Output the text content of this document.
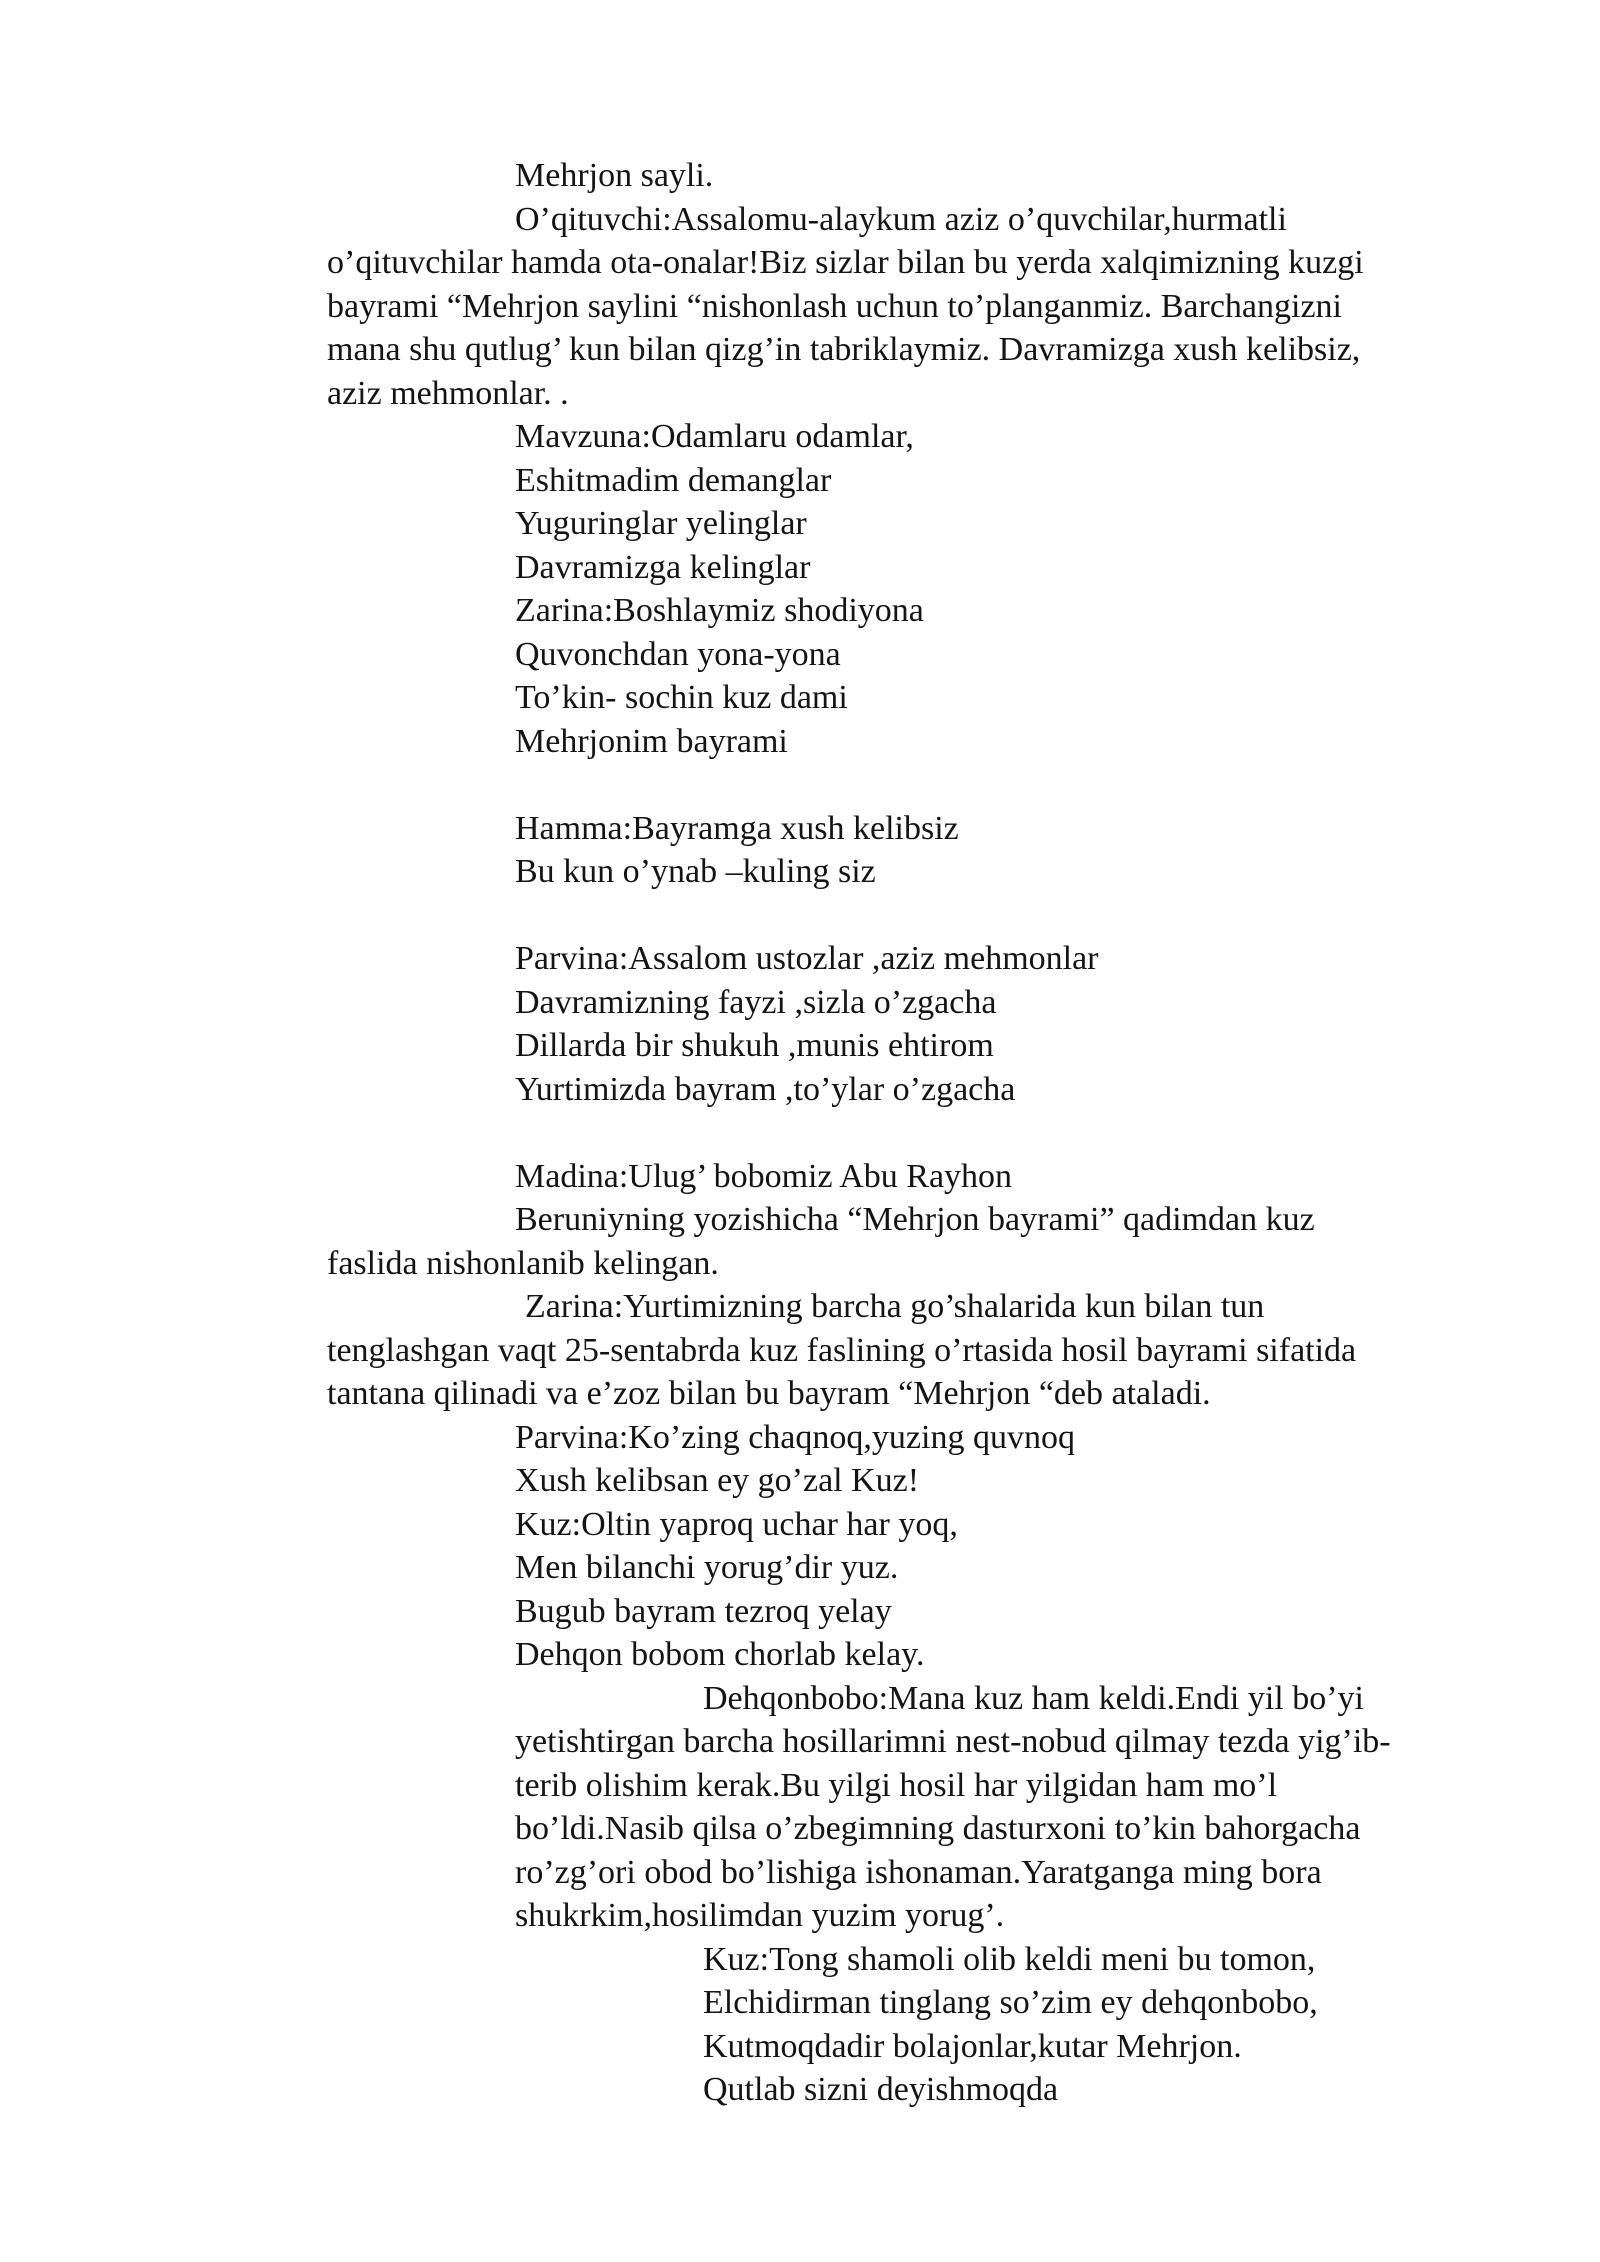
Mehrjon sayli.
O’qituvchi:Assalomu-alaykum aziz o’quvchilar,hurmatli
o’qituvchilar hamda ota-onalar!Biz sizlar bilan bu yerda xalqimizning kuzgi
bayrami “Mehrjon saylini “nishonlash uchun to’planganmiz. Barchangizni
mana shu qutlug’ kun bilan qizg’in tabriklaymiz. Davramizga xush kelibsiz,
aziz mehmonlar. .
Mavzuna:Odamlaru odamlar,
Eshitmadim demanglar
Yuguringlar yelinglar
Davramizga kelinglar
Zarina:Boshlaymiz shodiyona
Quvonchdan yona-yona
To’kin- sochin kuz dami
Mehrjonim bayrami
Hamma:Bayramga xush kelibsiz
Bu kun o’ynab –kuling siz
Parvina:Assalom ustozlar ,aziz mehmonlar
Davramizning fayzi ,sizla o’zgacha
Dillarda bir shukuh ,munis ehtirom
Yurtimizda bayram ,to’ylar o’zgacha
Madina:Ulug’ bobomiz Abu Rayhon
Beruniyning yozishicha “Mehrjon bayrami” qadimdan kuz
faslida nishonlanib kelingan.
Zarina:Yurtimizning barcha go’shalarida kun bilan tun
tenglashgan vaqt 25-sentabrda kuz faslining o’rtasida hosil bayrami sifatida
tantana qilinadi va e’zoz bilan bu bayram “Mehrjon “deb ataladi.
Parvina:Ko’zing chaqnoq,yuzing quvnoq
Xush kelibsan ey go’zal Kuz!
Kuz:Oltin yaproq uchar har yoq,
Men bilanchi yorug’dir yuz.
Bugub bayram tezroq yelay
Dehqon bobom chorlab kelay.
Dehqonbobo:Mana kuz ham keldi.Endi yil bo’yi
yetishtirgan barcha hosillarimni nest-nobud qilmay tezda yig’ib-
terib olishim kerak.Bu yilgi hosil har yilgidan ham mo’l
bo’ldi.Nasib qilsa o’zbegimning dasturxoni to’kin bahorgacha
ro’zg’ori obod bo’lishiga ishonaman.Yaratganga ming bora
shukrkim,hosilimdan yuzim yorug’.
Kuz:Tong shamoli olib keldi meni bu tomon,
Elchidirman tinglang so’zim ey dehqonbobo,
Kutmoqdadir bolajonlar,kutar Mehrjon.
Qutlab sizni deyishmoqda
